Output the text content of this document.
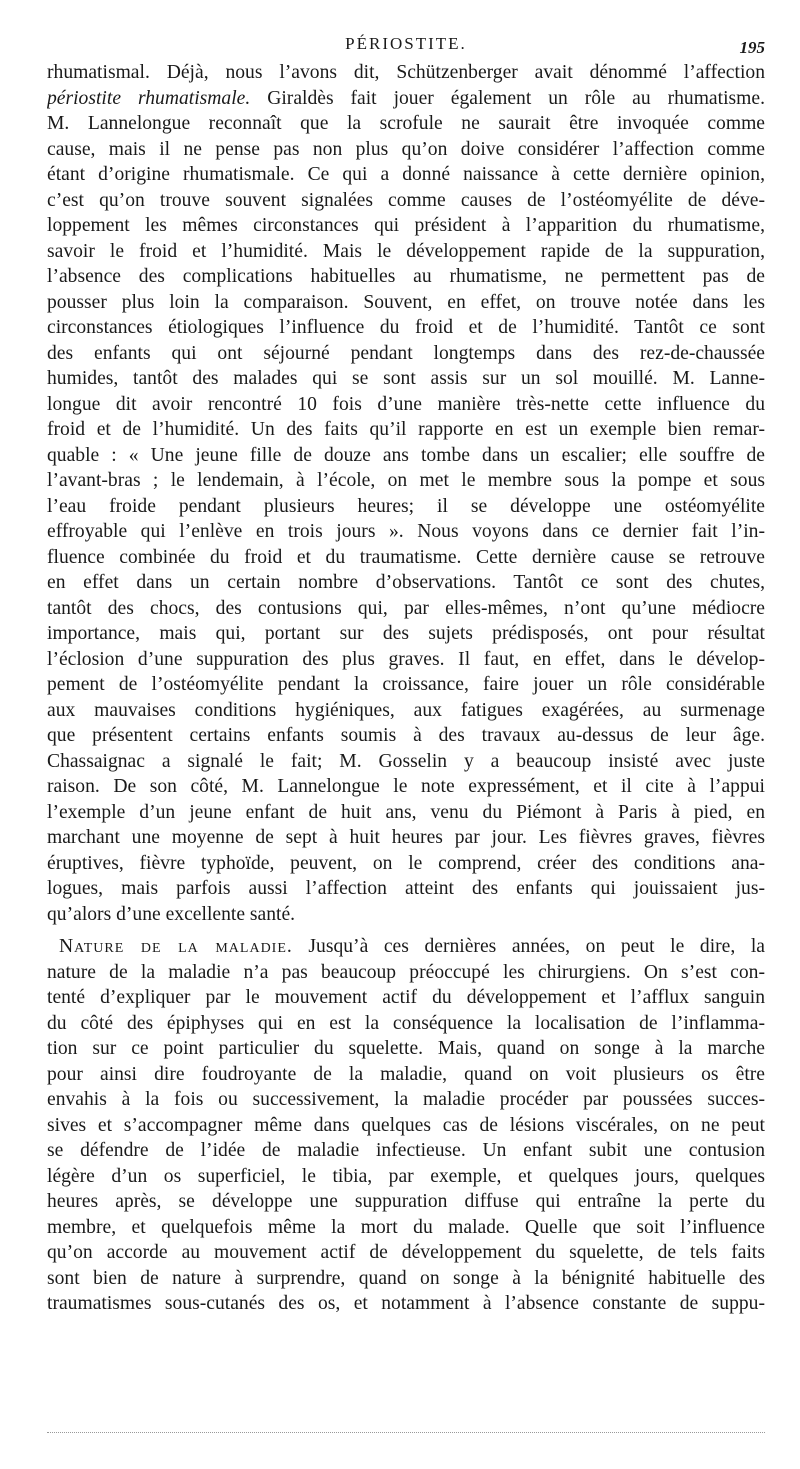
PÉRIOSTITE.	195
rhumatismal. Déjà, nous l’avons dit, Schützenberger avait dénommé l’affection
périostite rhumatismale. Giraldès fait jouer également un rôle au rhumatisme.
M. Lannelongue reconnaît que la scrofule ne saurait être invoquée comme
cause, mais il ne pense pas non plus qu’on doive considérer l’affection comme
étant d’origine rhumatismale. Ce qui a donné naissance à cette dernière opinion,
c’est qu’on trouve souvent signalées comme causes de l’ostéomyélite de déve-
loppement les mêmes circonstances qui président à l’apparition du rhumatisme,
savoir le froid et l’humidité. Mais le développement rapide de la suppuration,
l’absence des complications habituelles au rhumatisme, ne permettent pas de
pousser plus loin la comparaison. Souvent, en effet, on trouve notée dans les
circonstances étiologiques l’influence du froid et de l’humidité. Tantôt ce sont
des enfants qui ont séjourné pendant longtemps dans des rez-de-chaussée
humides, tantôt des malades qui se sont assis sur un sol mouillé. M. Lanne-
longue dit avoir rencontré 10 fois d’une manière très-nette cette influence du
froid et de l’humidité. Un des faits qu’il rapporte en est un exemple bien remar-
quable : « Une jeune fille de douze ans tombe dans un escalier; elle souffre de
l’avant-bras ; le lendemain, à l’école, on met le membre sous la pompe et sous
l’eau froide pendant plusieurs heures; il se développe une ostéomyélite
effroyable qui l’enlève en trois jours ». Nous voyons dans ce dernier fait l’in-
fluence combinée du froid et du traumatisme. Cette dernière cause se retrouve
en effet dans un certain nombre d’observations. Tantôt ce sont des chutes,
tantôt des chocs, des contusions qui, par elles-mêmes, n’ont qu’une médiocre
importance, mais qui, portant sur des sujets prédisposés, ont pour résultat
l’éclosion d’une suppuration des plus graves. Il faut, en effet, dans le dévelop-
pement de l’ostéomyélite pendant la croissance, faire jouer un rôle considérable
aux mauvaises conditions hygiéniques, aux fatigues exagérées, au surmenage
que présentent certains enfants soumis à des travaux au-dessus de leur âge.
Chassaignac a signalé le fait; M. Gosselin y a beaucoup insisté avec juste
raison. De son côté, M. Lannelongue le note expressément, et il cite à l’appui
l’exemple d’un jeune enfant de huit ans, venu du Piémont à Paris à pied, en
marchant une moyenne de sept à huit heures par jour. Les fièvres graves, fièvres
éruptives, fièvre typhoïde, peuvent, on le comprend, créer des conditions ana-
logues, mais parfois aussi l’affection atteint des enfants qui jouissaient jus-
qu’alors d’une excellente santé.
Nature de la maladie. Jusqu’à ces dernières années, on peut le dire, la
nature de la maladie n’a pas beaucoup préoccupé les chirurgiens. On s’est con-
tenté d’expliquer par le mouvement actif du développement et l’afflux sanguin
du côté des épiphyses qui en est la conséquence la localisation de l’inflamma-
tion sur ce point particulier du squelette. Mais, quand on songe à la marche
pour ainsi dire foudroyante de la maladie, quand on voit plusieurs os être
envahis à la fois ou successivement, la maladie procéder par poussées succes-
sives et s’accompagner même dans quelques cas de lésions viscérales, on ne peut
se défendre de l’idée de maladie infectieuse. Un enfant subit une contusion
légère d’un os superficiel, le tibia, par exemple, et quelques jours, quelques
heures après, se développe une suppuration diffuse qui entraîne la perte du
membre, et quelquefois même la mort du malade. Quelle que soit l’influence
qu’on accorde au mouvement actif de développement du squelette, de tels faits
sont bien de nature à surprendre, quand on songe à la bénignité habituelle des
traumatismes sous-cutanés des os, et notamment à l’absence constante de suppu-
